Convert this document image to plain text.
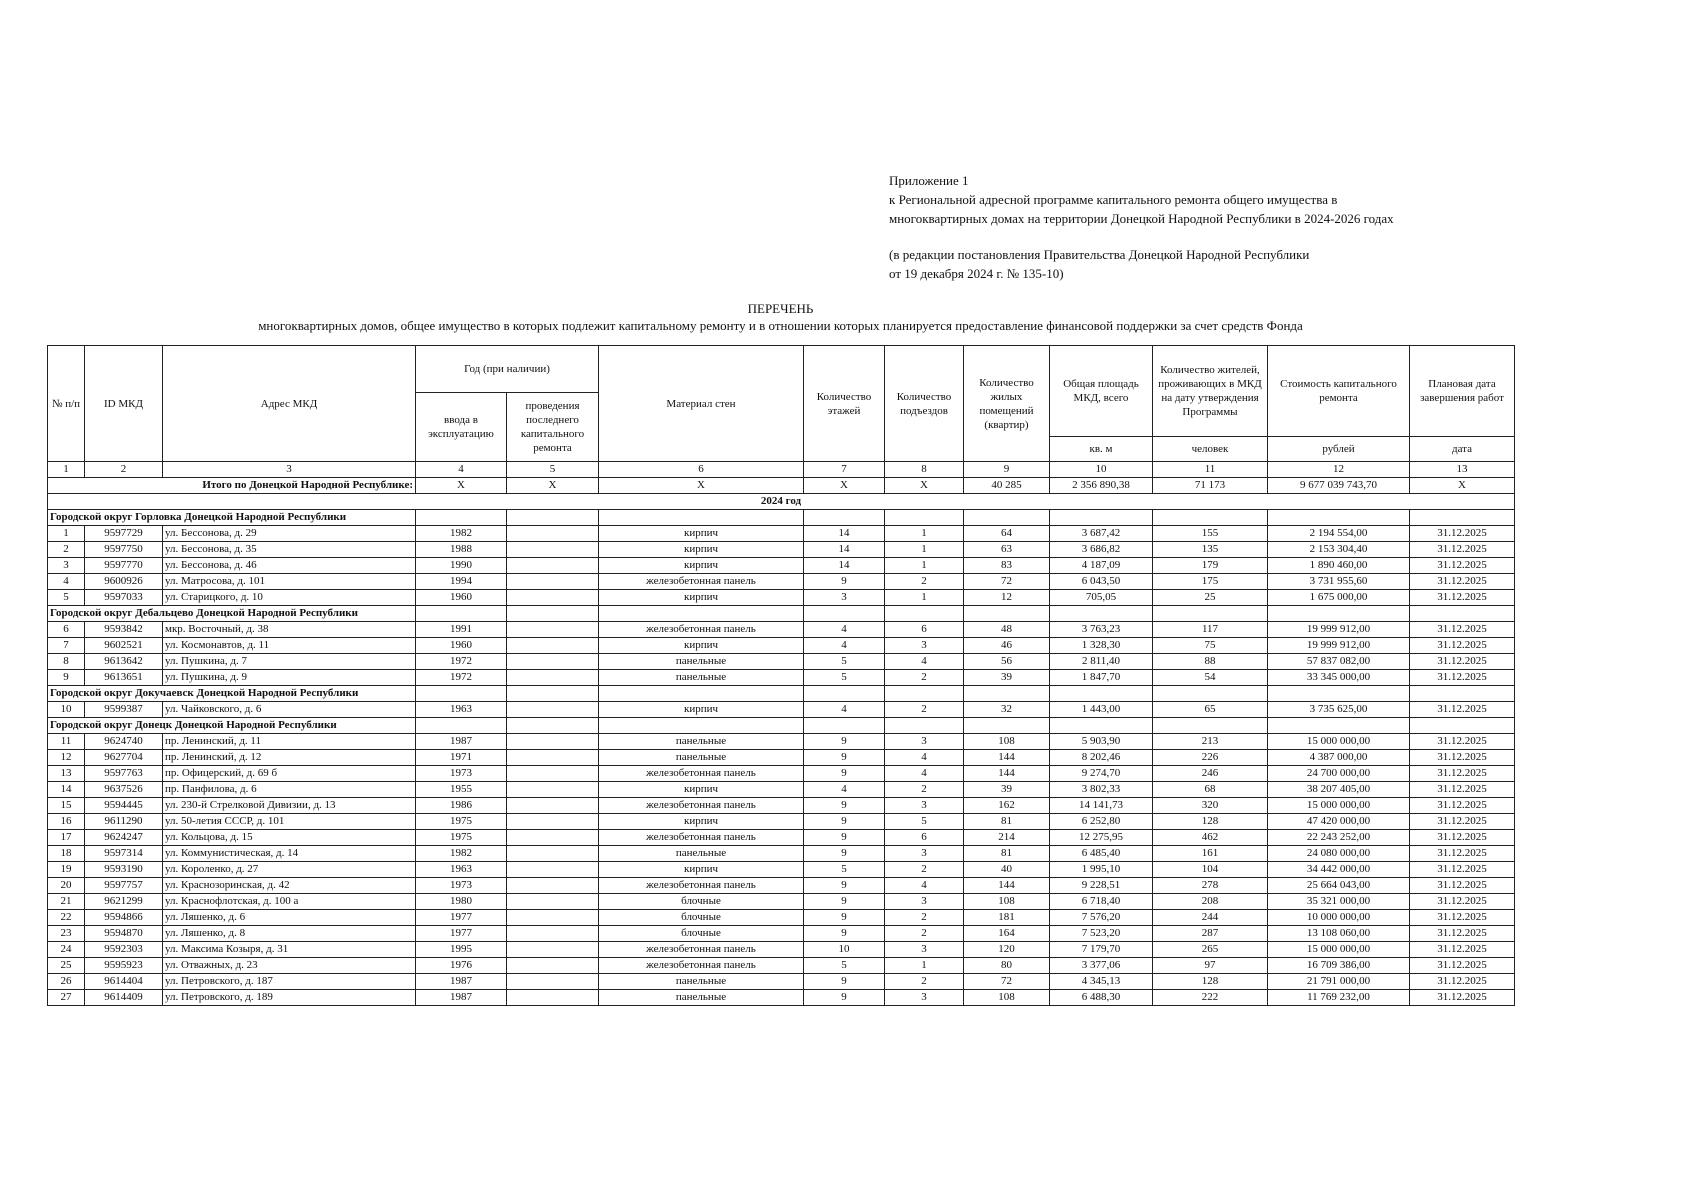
Приложение 1
к Региональной адресной программе капитального ремонта общего имущества в
многоквартирных домах на территории Донецкой Народной Республики в 2024-2026 годах
(в редакции постановления Правительства Донецкой Народной Республики
от 19 декабря 2024 г. № 135-10)
ПЕРЕЧЕНЬ
многоквартирных домов, общее имущество в которых подлежит капитальному ремонту и в отношении которых планируется предоставление финансовой поддержки за счет средств Фонда
№ п/п	ID МКД	Адрес МКД	Год (при наличии)		Материал стен	Количество этажей	Количество подъездов	Количество жилых помещений (квартир)	Общая площадь МКД, всего	Количество жителей, проживающих в МКД на дату утверждения Программы	Стоимость капитального ремонта	Плановая дата завершения работ
			ввода в эксплуатацию	проведения последнего капитального ремонта								
									кв. м	человек	рублей	дата
1	2	3	4	5	6	7	8	9	10	11	12	13
Итого по Донецкой Народной Республике:			X	X	X	X	X	40 285	2 356 890,38	71 173	9 677 039 743,70	X
2024 год												
Городской округ Горловка Донецкой Народной Республики												
1	9597729	ул. Бессонова, д. 29	1982		кирпич	14	1	64	3 687,42	155	2 194 554,00	31.12.2025
2	9597750	ул. Бессонова, д. 35	1988		кирпич	14	1	63	3 686,82	135	2 153 304,40	31.12.2025
3	9597770	ул. Бессонова, д. 46	1990		кирпич	14	1	83	4 187,09	179	1 890 460,00	31.12.2025
4	9600926	ул. Матросова, д. 101	1994		железобетонная панель	9	2	72	6 043,50	175	3 731 955,60	31.12.2025
5	9597033	ул. Старицкого, д. 10	1960		кирпич	3	1	12	705,05	25	1 675 000,00	31.12.2025
Городской округ Дебальцево Донецкой Народной Республики												
6	9593842	мкр. Восточный, д. 38	1991		железобетонная панель	4	6	48	3 763,23	117	19 999 912,00	31.12.2025
7	9602521	ул. Космонавтов, д. 11	1960		кирпич	4	3	46	1 328,30	75	19 999 912,00	31.12.2025
8	9613642	ул. Пушкина, д. 7	1972		панельные	5	4	56	2 811,40	88	57 837 082,00	31.12.2025
9	9613651	ул. Пушкина, д. 9	1972		панельные	5	2	39	1 847,70	54	33 345 000,00	31.12.2025
Городской округ Докучаевск Донецкой Народной Республики												
10	9599387	ул. Чайковского, д. 6	1963		кирпич	4	2	32	1 443,00	65	3 735 625,00	31.12.2025
Городской округ Донецк Донецкой Народной Республики												
11	9624740	пр. Ленинский, д. 11	1987		панельные	9	3	108	5 903,90	213	15 000 000,00	31.12.2025
12	9627704	пр. Ленинский, д. 12	1971		панельные	9	4	144	8 202,46	226	4 387 000,00	31.12.2025
13	9597763	пр. Офицерский, д. 69 б	1973		железобетонная панель	9	4	144	9 274,70	246	24 700 000,00	31.12.2025
14	9637526	пр. Панфилова, д. 6	1955		кирпич	4	2	39	3 802,33	68	38 207 405,00	31.12.2025
15	9594445	ул. 230-й Стрелковой Дивизии, д. 13	1986		железобетонная панель	9	3	162	14 141,73	320	15 000 000,00	31.12.2025
16	9611290	ул. 50-летия СССР, д. 101	1975		кирпич	9	5	81	6 252,80	128	47 420 000,00	31.12.2025
17	9624247	ул. Кольцова, д. 15	1975		железобетонная панель	9	6	214	12 275,95	462	22 243 252,00	31.12.2025
18	9597314	ул. Коммунистическая, д. 14	1982		панельные	9	3	81	6 485,40	161	24 080 000,00	31.12.2025
19	9593190	ул. Короленко, д. 27	1963		кирпич	5	2	40	1 995,10	104	34 442 000,00	31.12.2025
20	9597757	ул. Краснозоринская, д. 42	1973		железобетонная панель	9	4	144	9 228,51	278	25 664 043,00	31.12.2025
21	9621299	ул. Краснофлотская, д. 100 а	1980		блочные	9	3	108	6 718,40	208	35 321 000,00	31.12.2025
22	9594866	ул. Ляшенко, д. 6	1977		блочные	9	2	181	7 576,20	244	10 000 000,00	31.12.2025
23	9594870	ул. Ляшенко, д. 8	1977		блочные	9	2	164	7 523,20	287	13 108 060,00	31.12.2025
24	9592303	ул. Максима Козыря, д. 31	1995		железобетонная панель	10	3	120	7 179,70	265	15 000 000,00	31.12.2025
25	9595923	ул. Отважных, д. 23	1976		железобетонная панель	5	1	80	3 377,06	97	16 709 386,00	31.12.2025
26	9614404	ул. Петровского, д. 187	1987		панельные	9	2	72	4 345,13	128	21 791 000,00	31.12.2025
27	9614409	ул. Петровского, д. 189	1987		панельные	9	3	108	6 488,30	222	11 769 232,00	31.12.2025
